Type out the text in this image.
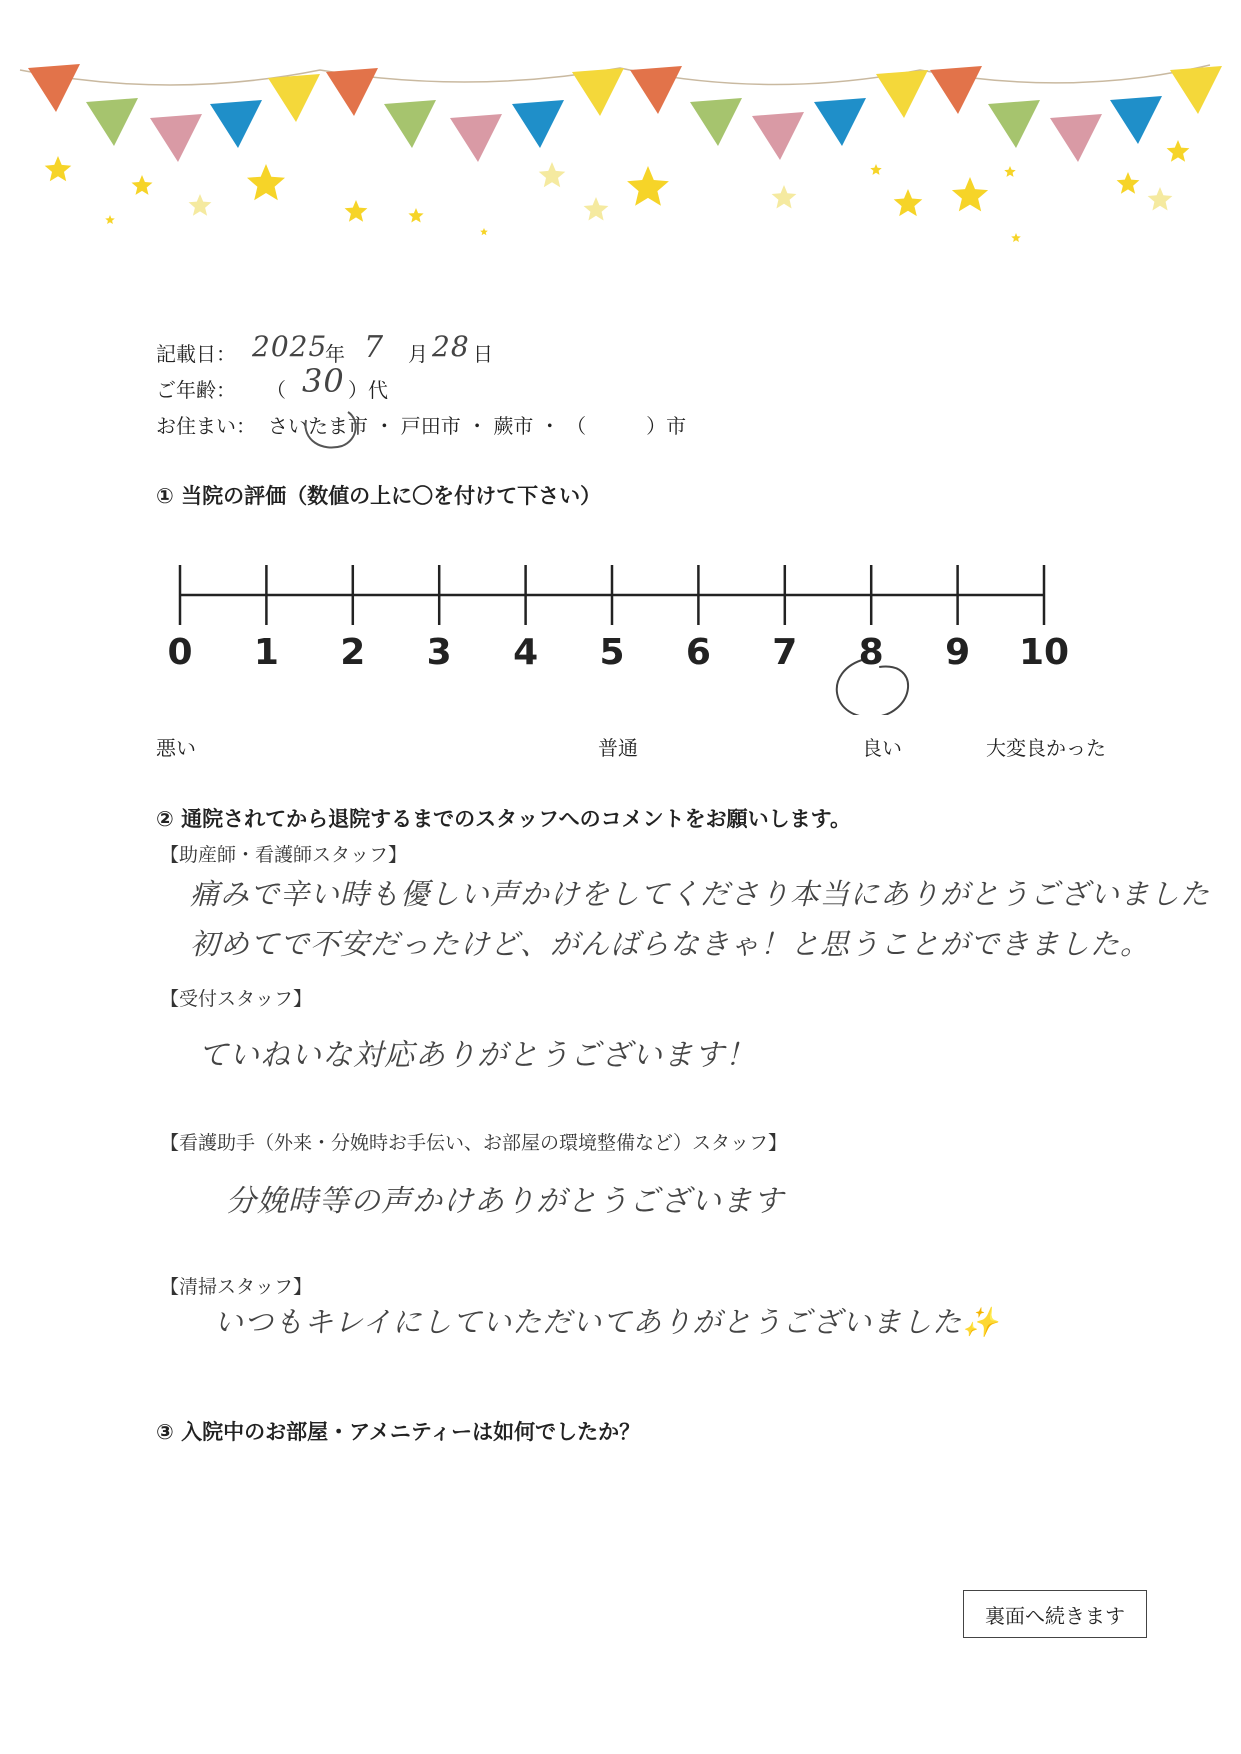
記載日： 2025
年 7 月 28 日
ご年齢： （ 30 ）代
お住まい： さいたま市 ・ 戸田市 ・ 蕨市 ・ （　　　）市
① 当院の評価（数値の上に〇を付けて下さい）
0	1	2	3	4	5	6	7	8	9	10
悪い	普通	良い	大変良かった
② 通院されてから退院するまでのスタッフへのコメントをお願いします。
【助産師・看護師スタッフ】
痛みで辛い時も優しい声かけをしてくださり本当にありがとうございました
初めてで不安だったけど、がんばらなきゃ！と思うことができました。
【受付スタッフ】
ていねいな対応ありがとうございます！
【看護助手（外来・分娩時お手伝い、お部屋の環境整備など）スタッフ】
分娩時等の声かけありがとうございます
【清掃スタッフ】
いつもキレイにしていただいてありがとうございました✨
③ 入院中のお部屋・アメニティーは如何でしたか？
裏面へ続きます
